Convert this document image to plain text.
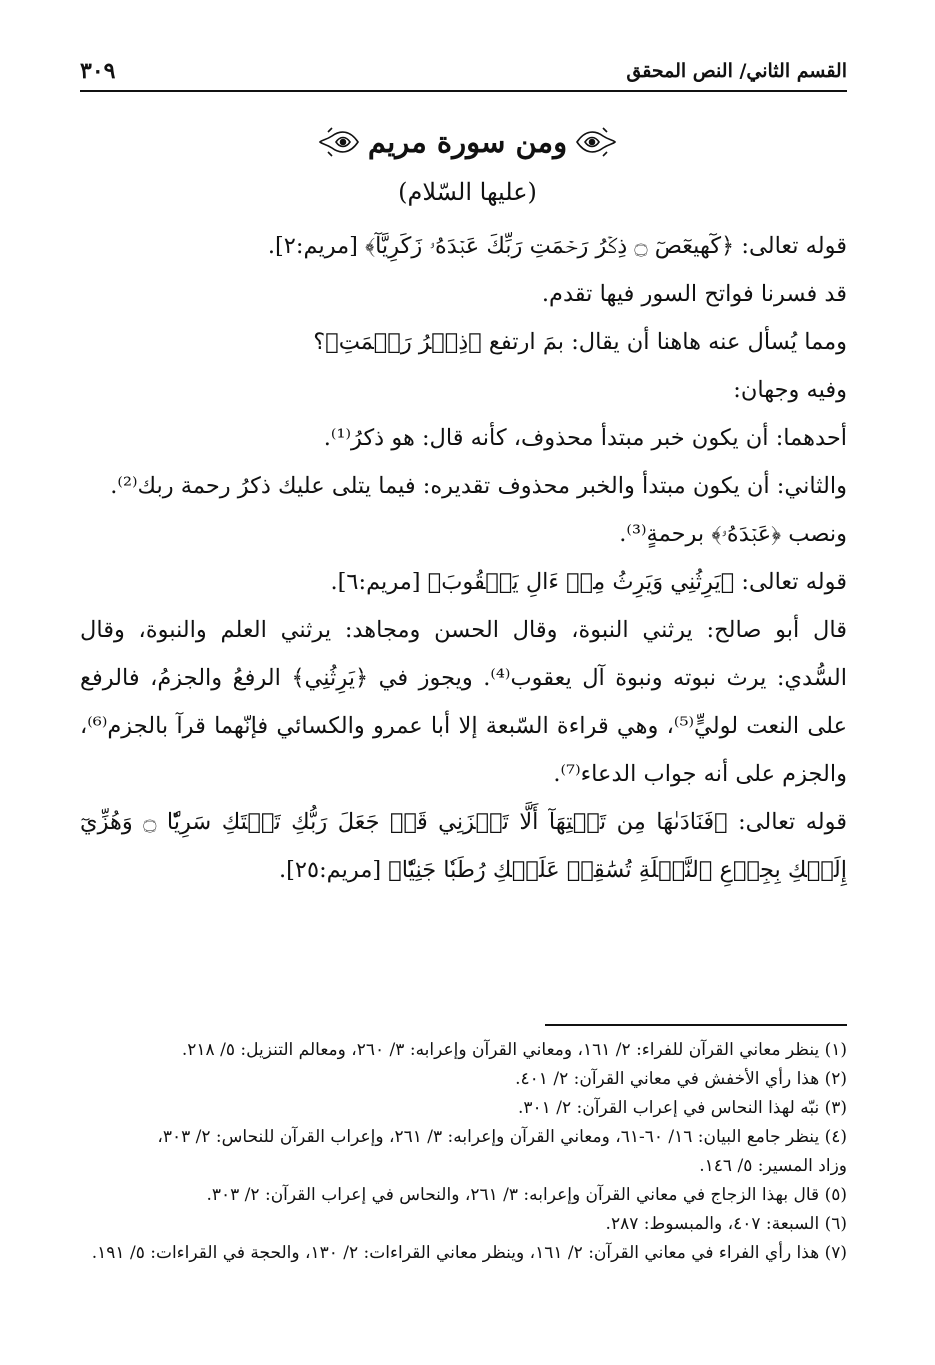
القسم الثاني/ النص المحقق
٣٠٩
ومن سورة مريم
(عليها السّلام)

قوله تعالى: ﴿كٓهيعٓصٓ ۝ ذِكۡرُ رَحۡمَتِ رَبِّكَ عَبۡدَهُۥ زَكَرِيَّآ﴾ [مريم:٢].

قد فسرنا فواتح السور فيها تقدم.

ومما يُسأل عنه هاهنا أن يقال: بمَ ارتفع ﴿ذِكۡرُ رَحۡمَتِ﴾؟

وفيه وجهان:

أحدهما: أن يكون خبر مبتدأ محذوف، كأنه قال: هو ذكرُ⁽¹⁾.

والثاني: أن يكون مبتدأ والخبر محذوف تقديره: فيما يتلى عليك ذكرُ رحمة ربك⁽²⁾.

ونصب ﴿عَبۡدَهُۥ﴾ برحمةٍ⁽³⁾.

قوله تعالى: ﴿يَرِثُنِي وَيَرِثُ مِنۡ ءَالِ يَعۡقُوبَ﴾ [مريم:٦].

قال أبو صالح: يرثني النبوة، وقال الحسن ومجاهد: يرثني العلم والنبوة، وقال السُّدي: يرث نبوته ونبوة آل يعقوب⁽⁴⁾. ويجوز في ﴿يَرِثُنِي﴾ الرفعُ والجزمُ، فالرفع على النعت لوليٍّ⁽⁵⁾، وهي قراءة السّبعة إلا أبا عمرو والكسائي فإنّهما قرآ بالجزم⁽⁶⁾، والجزم على أنه جواب الدعاء⁽⁷⁾.

قوله تعالى: ﴿فَنَادَىٰهَا مِن تَحۡتِهَآ أَلَّا تَحۡزَنِي قَدۡ جَعَلَ رَبُّكِ تَحۡتَكِ سَرِيّٗا ۝ وَهُزِّيٓ إِلَيۡكِ بِجِذۡعِ ٱلنَّخۡلَةِ تُسَٰقِطۡ عَلَيۡكِ رُطَبٗا جَنِيّٗا﴾ [مريم:٢٥].

(١) ينظر معاني القرآن للفراء: ٢/ ١٦١، ومعاني القرآن وإعرابه: ٣/ ٢٦٠، ومعالم التنزيل: ٥/ ٢١٨.

(٢) هذا رأي الأخفش في معاني القرآن: ٢/ ٤٠١.

(٣) نبّه لهذا النحاس في إعراب القرآن: ٢/ ٣٠١.

(٤) ينظر جامع البيان: ١٦/ ٦٠-٦١، ومعاني القرآن وإعرابه: ٣/ ٢٦١، وإعراب القرآن للنحاس: ٢/ ٣٠٣،

وزاد المسير: ٥/ ١٤٦.

(٥) قال بهذا الزجاج في معاني القرآن وإعرابه: ٣/ ٢٦١، والنحاس في إعراب القرآن: ٢/ ٣٠٣.

(٦) السبعة: ٤٠٧، والمبسوط: ٢٨٧.

(٧) هذا رأي الفراء في معاني القرآن: ٢/ ١٦١، وينظر معاني القراءات: ٢/ ١٣٠، والحجة في القراءات: ٥/ ١٩١.
